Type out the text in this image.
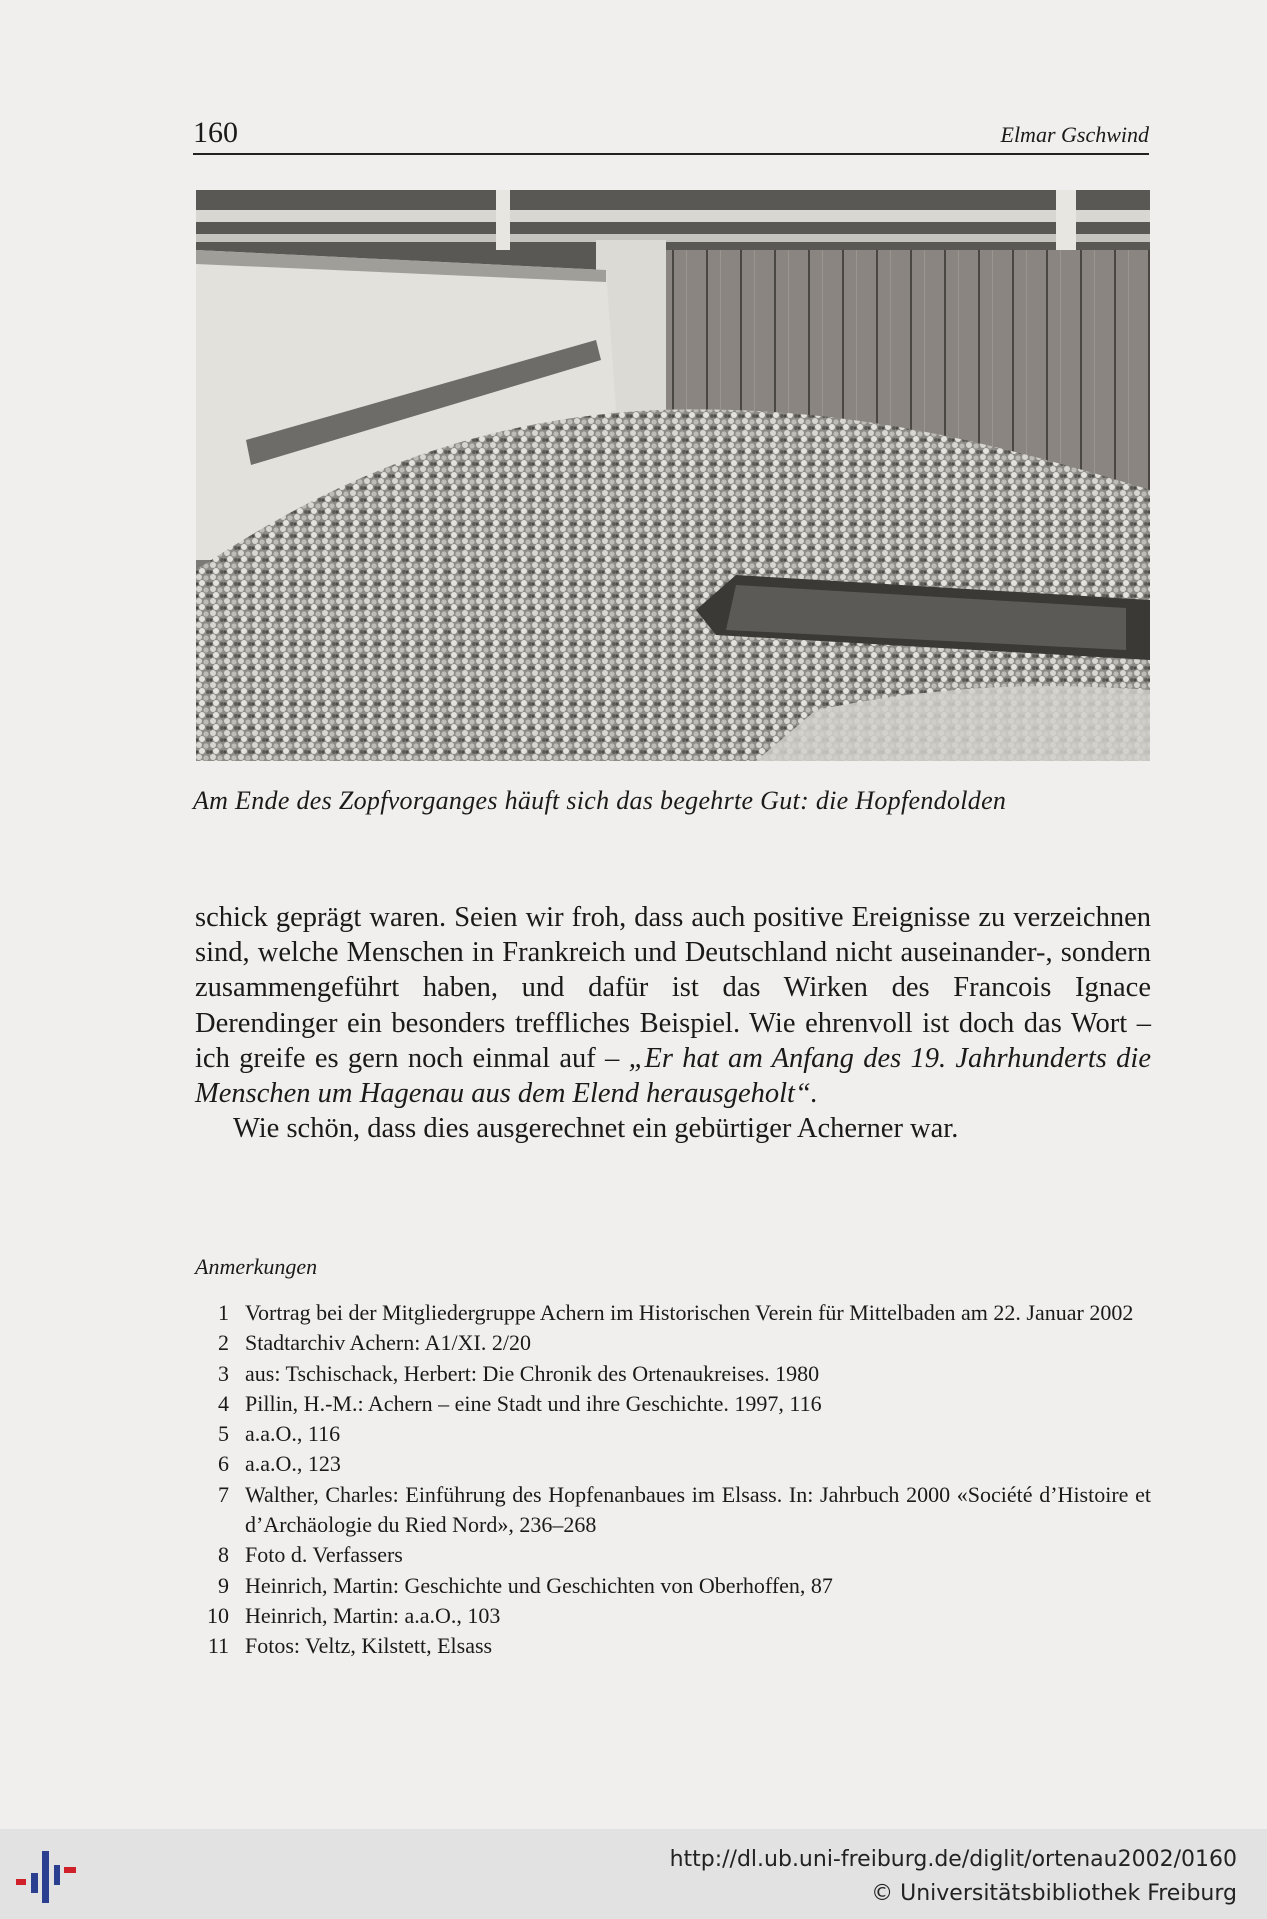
160	Elmar Gschwind
Am Ende des Zopfvorganges häuft sich das begehrte Gut: die Hopfendolden

schick geprägt waren. Seien wir froh, dass auch positive Ereignisse zu verzeichnen sind, welche Menschen in Frankreich und Deutschland nicht auseinander-, sondern zusammengeführt haben, und dafür ist das Wirken des Francois Ignace Derendinger ein besonders treffliches Beispiel. Wie ehrenvoll ist doch das Wort – ich greife es gern noch einmal auf – „Er hat am Anfang des 19. Jahrhunderts die Menschen um Hagenau aus dem Elend herausgeholt“.

Wie schön, dass dies ausgerechnet ein gebürtiger Acherner war.

Anmerkungen
1 Vortrag bei der Mitgliedergruppe Achern im Historischen Verein für Mittelbaden am 22. Januar 2002
2 Stadtarchiv Achern: A1/XI. 2/20
3 aus: Tschischack, Herbert: Die Chronik des Ortenaukreises. 1980
4 Pillin, H.-M.: Achern – eine Stadt und ihre Geschichte. 1997, 116
5 a.a.O., 116
6 a.a.O., 123
7 Walther, Charles: Einführung des Hopfenanbaues im Elsass. In: Jahrbuch 2000 «Société d’Histoire et d’Archäologie du Ried Nord», 236–268
8 Foto d. Verfassers
9 Heinrich, Martin: Geschichte und Geschichten von Oberhoffen, 87
10 Heinrich, Martin: a.a.O., 103
11 Fotos: Veltz, Kilstett, Elsass
http://dl.ub.uni-freiburg.de/diglit/ortenau2002/0160
© Universitätsbibliothek Freiburg
